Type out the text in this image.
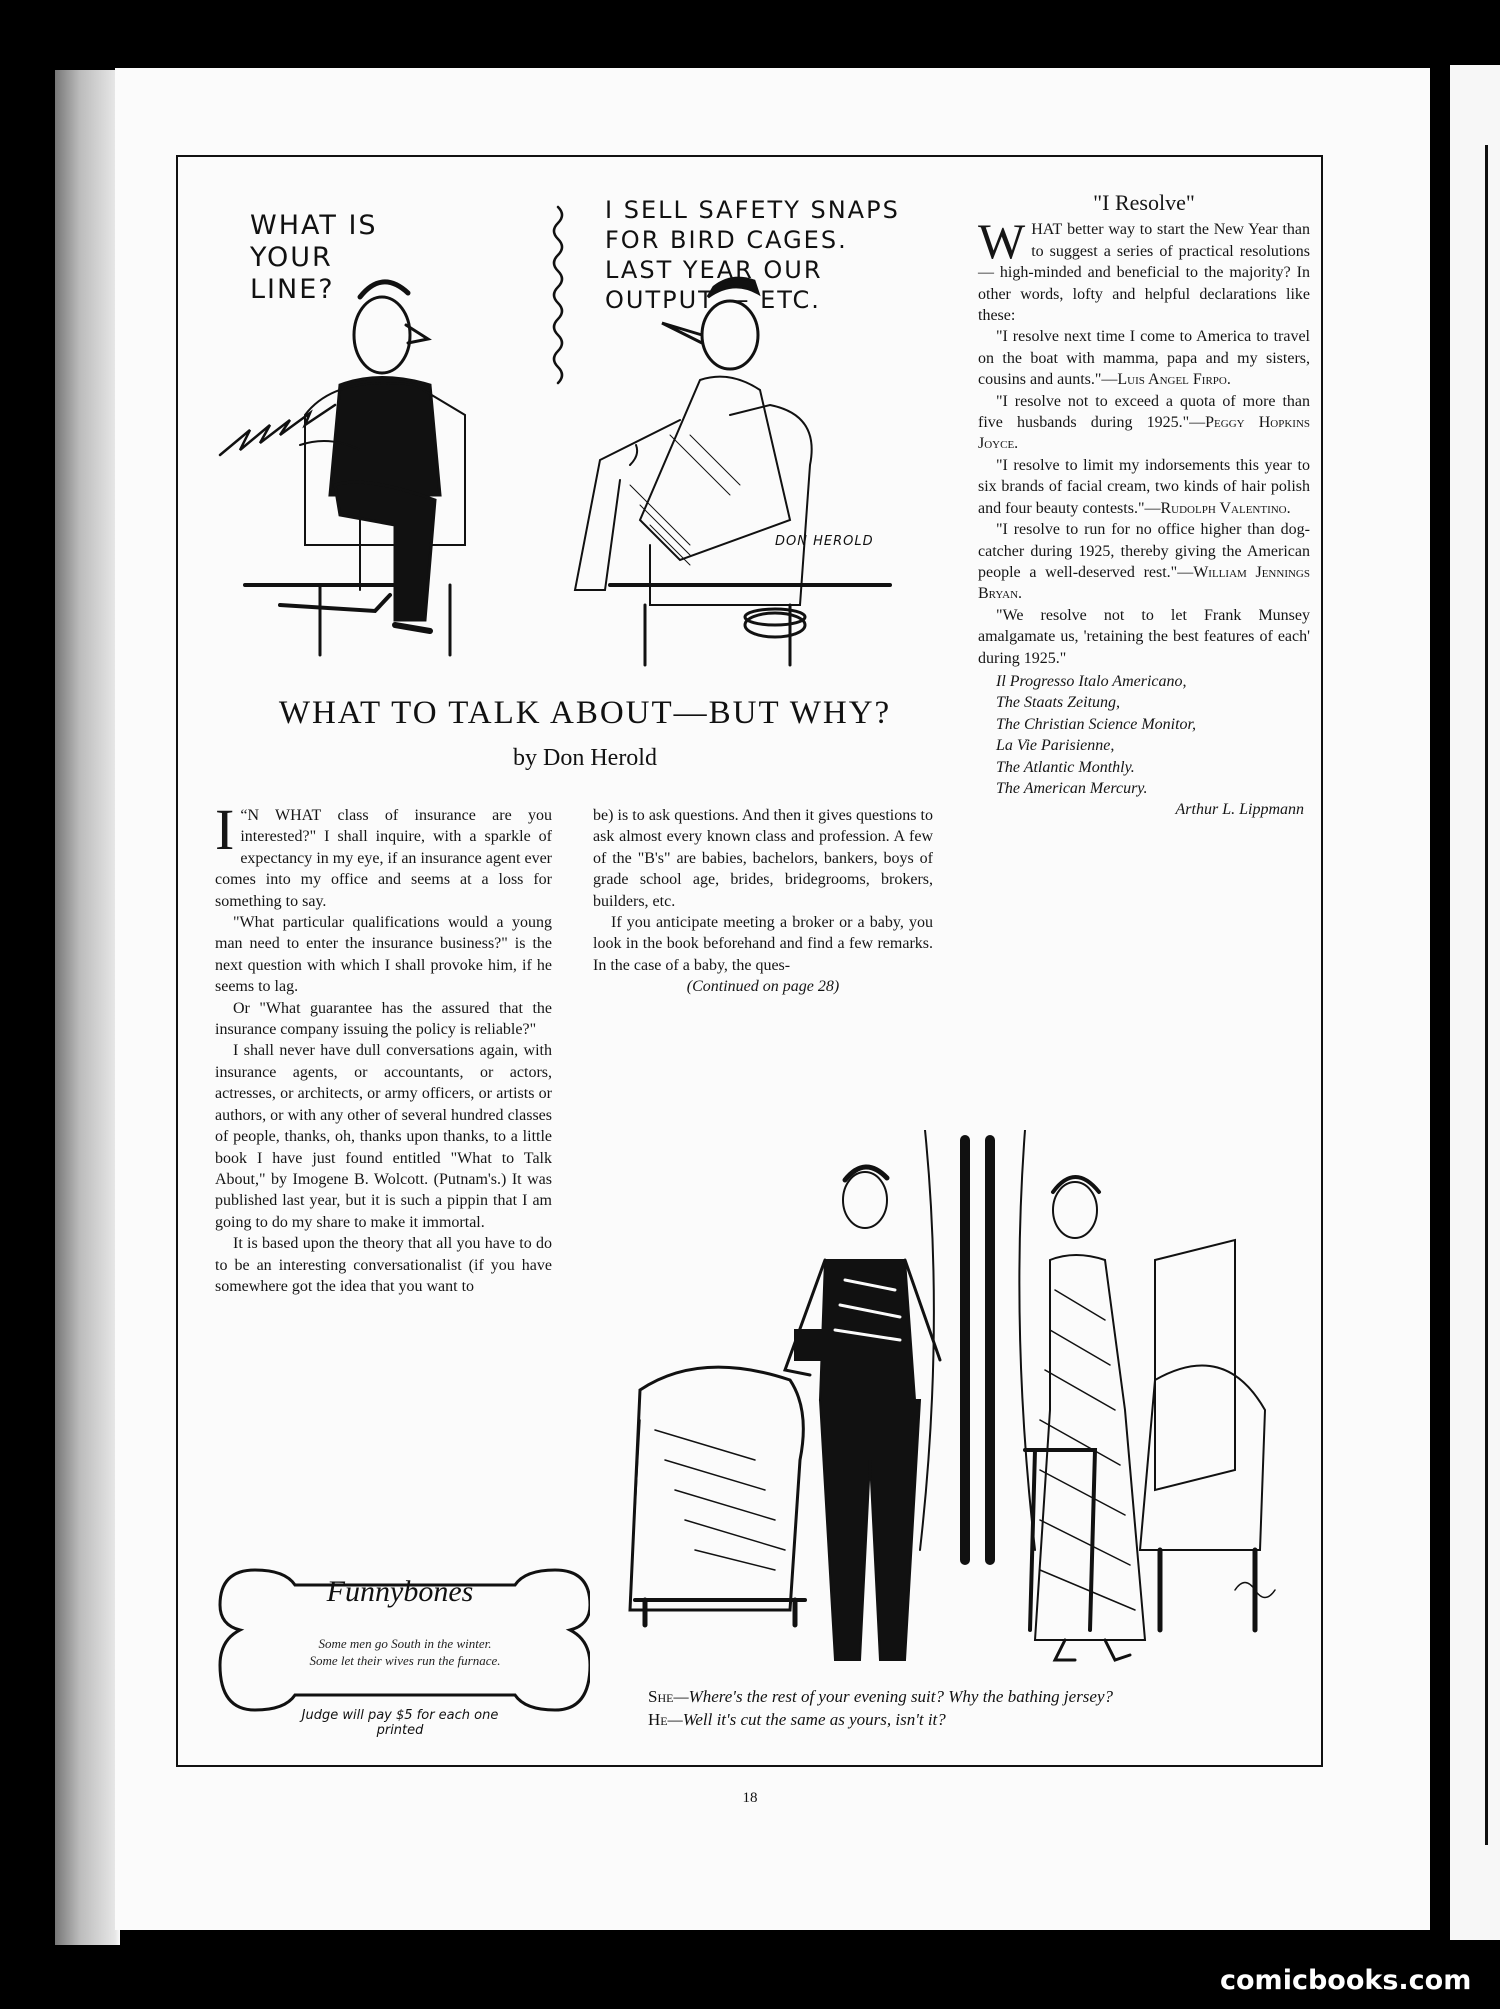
WHAT IS
YOUR
LINE?

I SELL SAFETY SNAPS
FOR BIRD CAGES.
LAST YEAR OUR
OUTPUT — ETC.

DON HEROLD

WHAT TO TALK ABOUT—BUT WHY?

by Don Herold

“
I N WHAT class of insurance are you interested?" I shall inquire, with a sparkle of expectancy in my eye, if an insurance agent ever comes into my office and seems at a loss for something to say.

"What particular qualifications would a young man need to enter the insurance business?" is the next question with which I shall provoke him, if he seems to lag.

Or "What guarantee has the assured that the insurance company issuing the policy is reliable?"

I shall never have dull conversations again, with insurance agents, or accountants, or actors, actresses, or architects, or army officers, or artists or authors, or with any other of several hundred classes of people, thanks, oh, thanks upon thanks, to a little book I have just found entitled "What to Talk About," by Imogene B. Wolcott. (Putnam's.) It was published last year, but it is such a pippin that I am going to do my share to make it immortal.

It is based upon the theory that all you have to do to be an interesting conversationalist (if you have somewhere got the idea that you want to

be) is to ask questions. And then it gives questions to ask almost every known class and profession. A few of the "B's" are babies, bachelors, bankers, boys of grade school age, brides, bridegrooms, brokers, builders, etc.

If you anticipate meeting a broker or a baby, you look in the book beforehand and find a few remarks. In the case of a baby, the ques-

(Continued on page 28)

"I Resolve"

WHAT better way to start the New Year than to suggest a series of practical resolutions — high-minded and beneficial to the majority? In other words, lofty and helpful declarations like these:

"I resolve next time I come to America to travel on the boat with mamma, papa and my sisters, cousins and aunts."—Luis Angel Firpo.

"I resolve not to exceed a quota of more than five husbands during 1925."—Peggy Hopkins Joyce.

"I resolve to limit my indorsements this year to six brands of facial cream, two kinds of hair polish and four beauty contests."—Rudolph Valentino.

"I resolve to run for no office higher than dog-catcher during 1925, thereby giving the American people a well-deserved rest."—William Jennings Bryan.

"We resolve not to let Frank Munsey amalgamate us, 'retaining the best features of each' during 1925."

Il Progresso Italo Americano,
The Staats Zeitung,
The Christian Science Monitor,
La Vie Parisienne,
The Atlantic Monthly.
The American Mercury.

Arthur L. Lippmann

Funnybones

Some men go South in the winter.
Some let their wives run the furnace.

Judge will pay $5 for each one printed

She—Where's the rest of your evening suit? Why the bathing jersey?
He—Well it's cut the same as yours, isn't it?

18

comicbooks.com
